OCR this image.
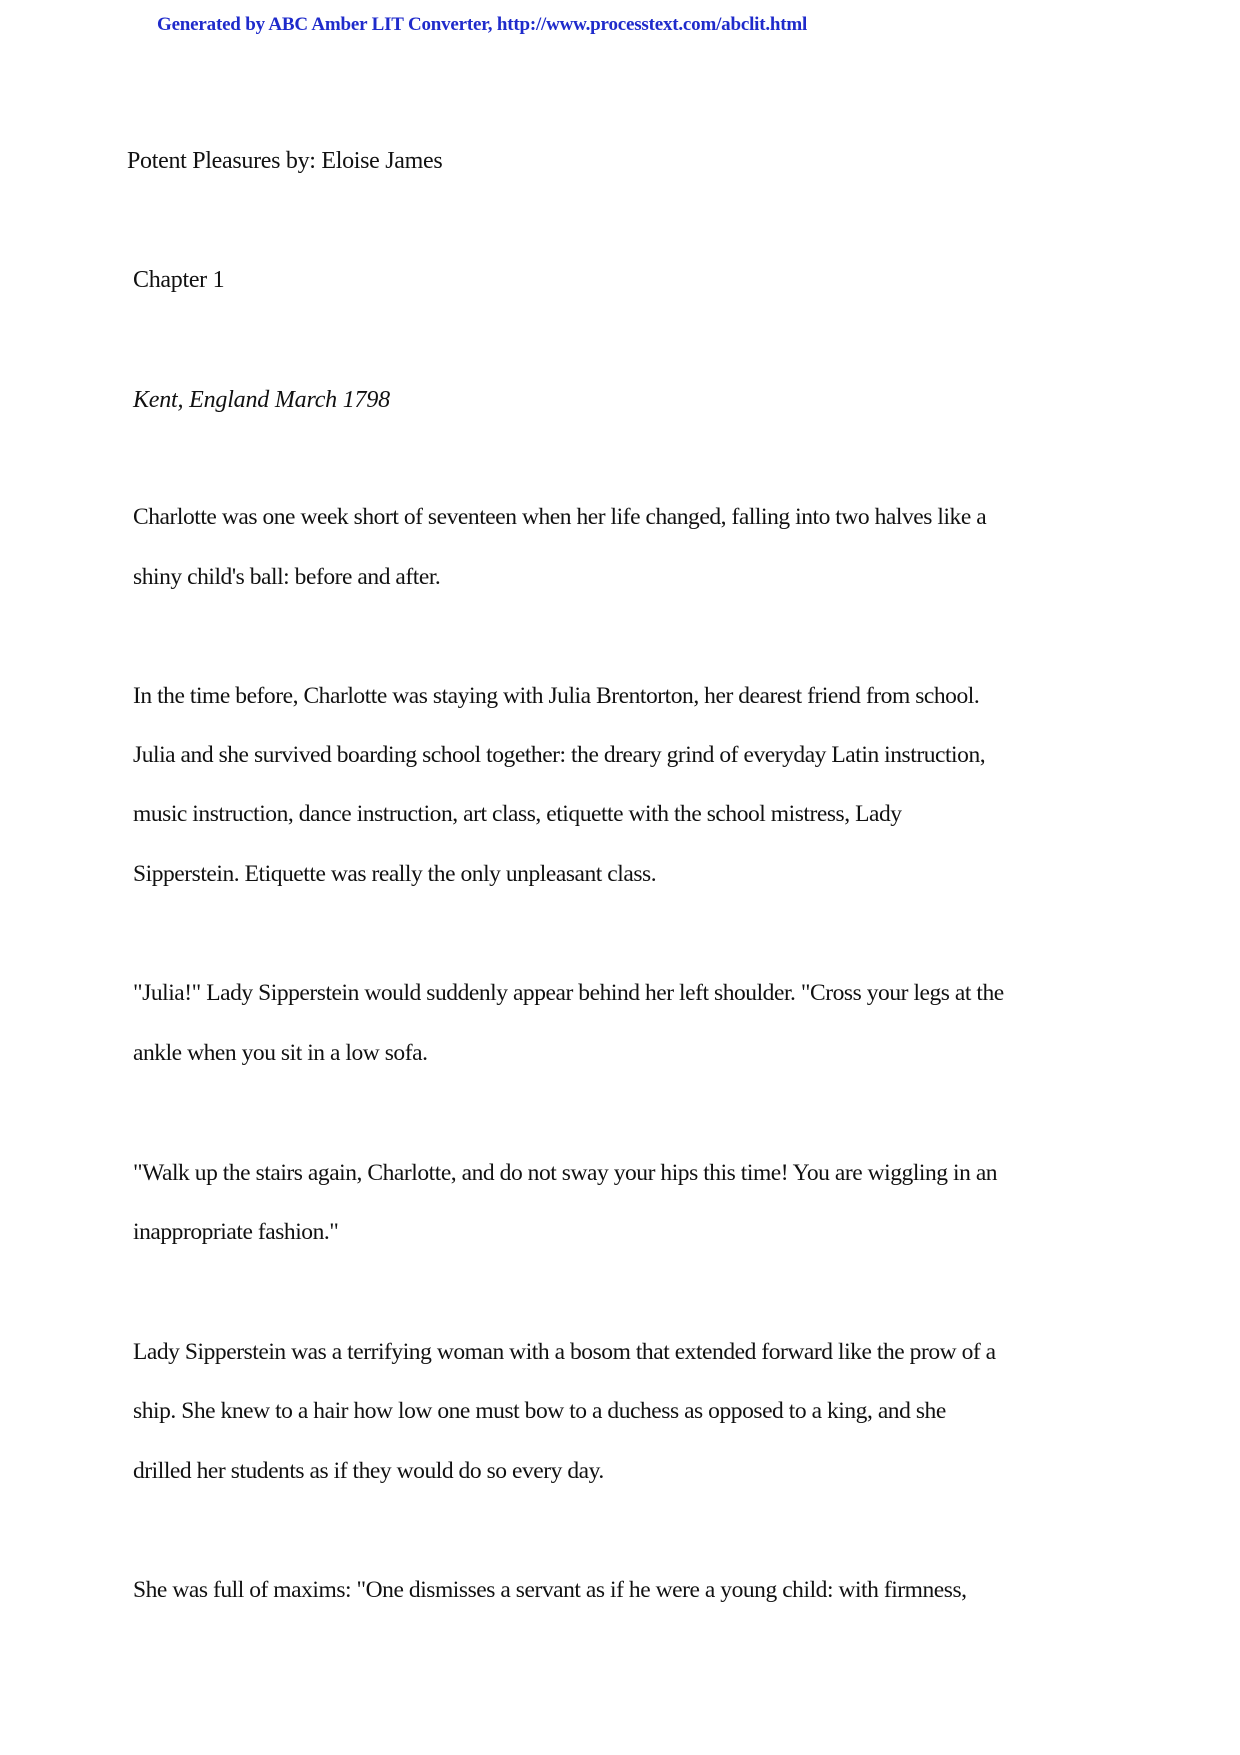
Generated by ABC Amber LIT Converter, http://www.processtext.com/abclit.html
Potent Pleasures by: Eloise James
Chapter 1
Kent, England March 1798
Charlotte was one week short of seventeen when her life changed, falling into two halves like a
shiny child's ball: before and after.
In the time before, Charlotte was staying with Julia Brentorton, her dearest friend from school.
Julia and she survived boarding school together: the dreary grind of everyday Latin instruction,
music instruction, dance instruction, art class, etiquette with the school mistress, Lady
Sipperstein. Etiquette was really the only unpleasant class.
"Julia!" Lady Sipperstein would suddenly appear behind her left shoulder. "Cross your legs at the
ankle when you sit in a low sofa.
"Walk up the stairs again, Charlotte, and do not sway your hips this time! You are wiggling in an
inappropriate fashion."
Lady Sipperstein was a terrifying woman with a bosom that extended forward like the prow of a
ship. She knew to a hair how low one must bow to a duchess as opposed to a king, and she
drilled her students as if they would do so every day.
She was full of maxims: "One dismisses a servant as if he were a young child: with firmness,
